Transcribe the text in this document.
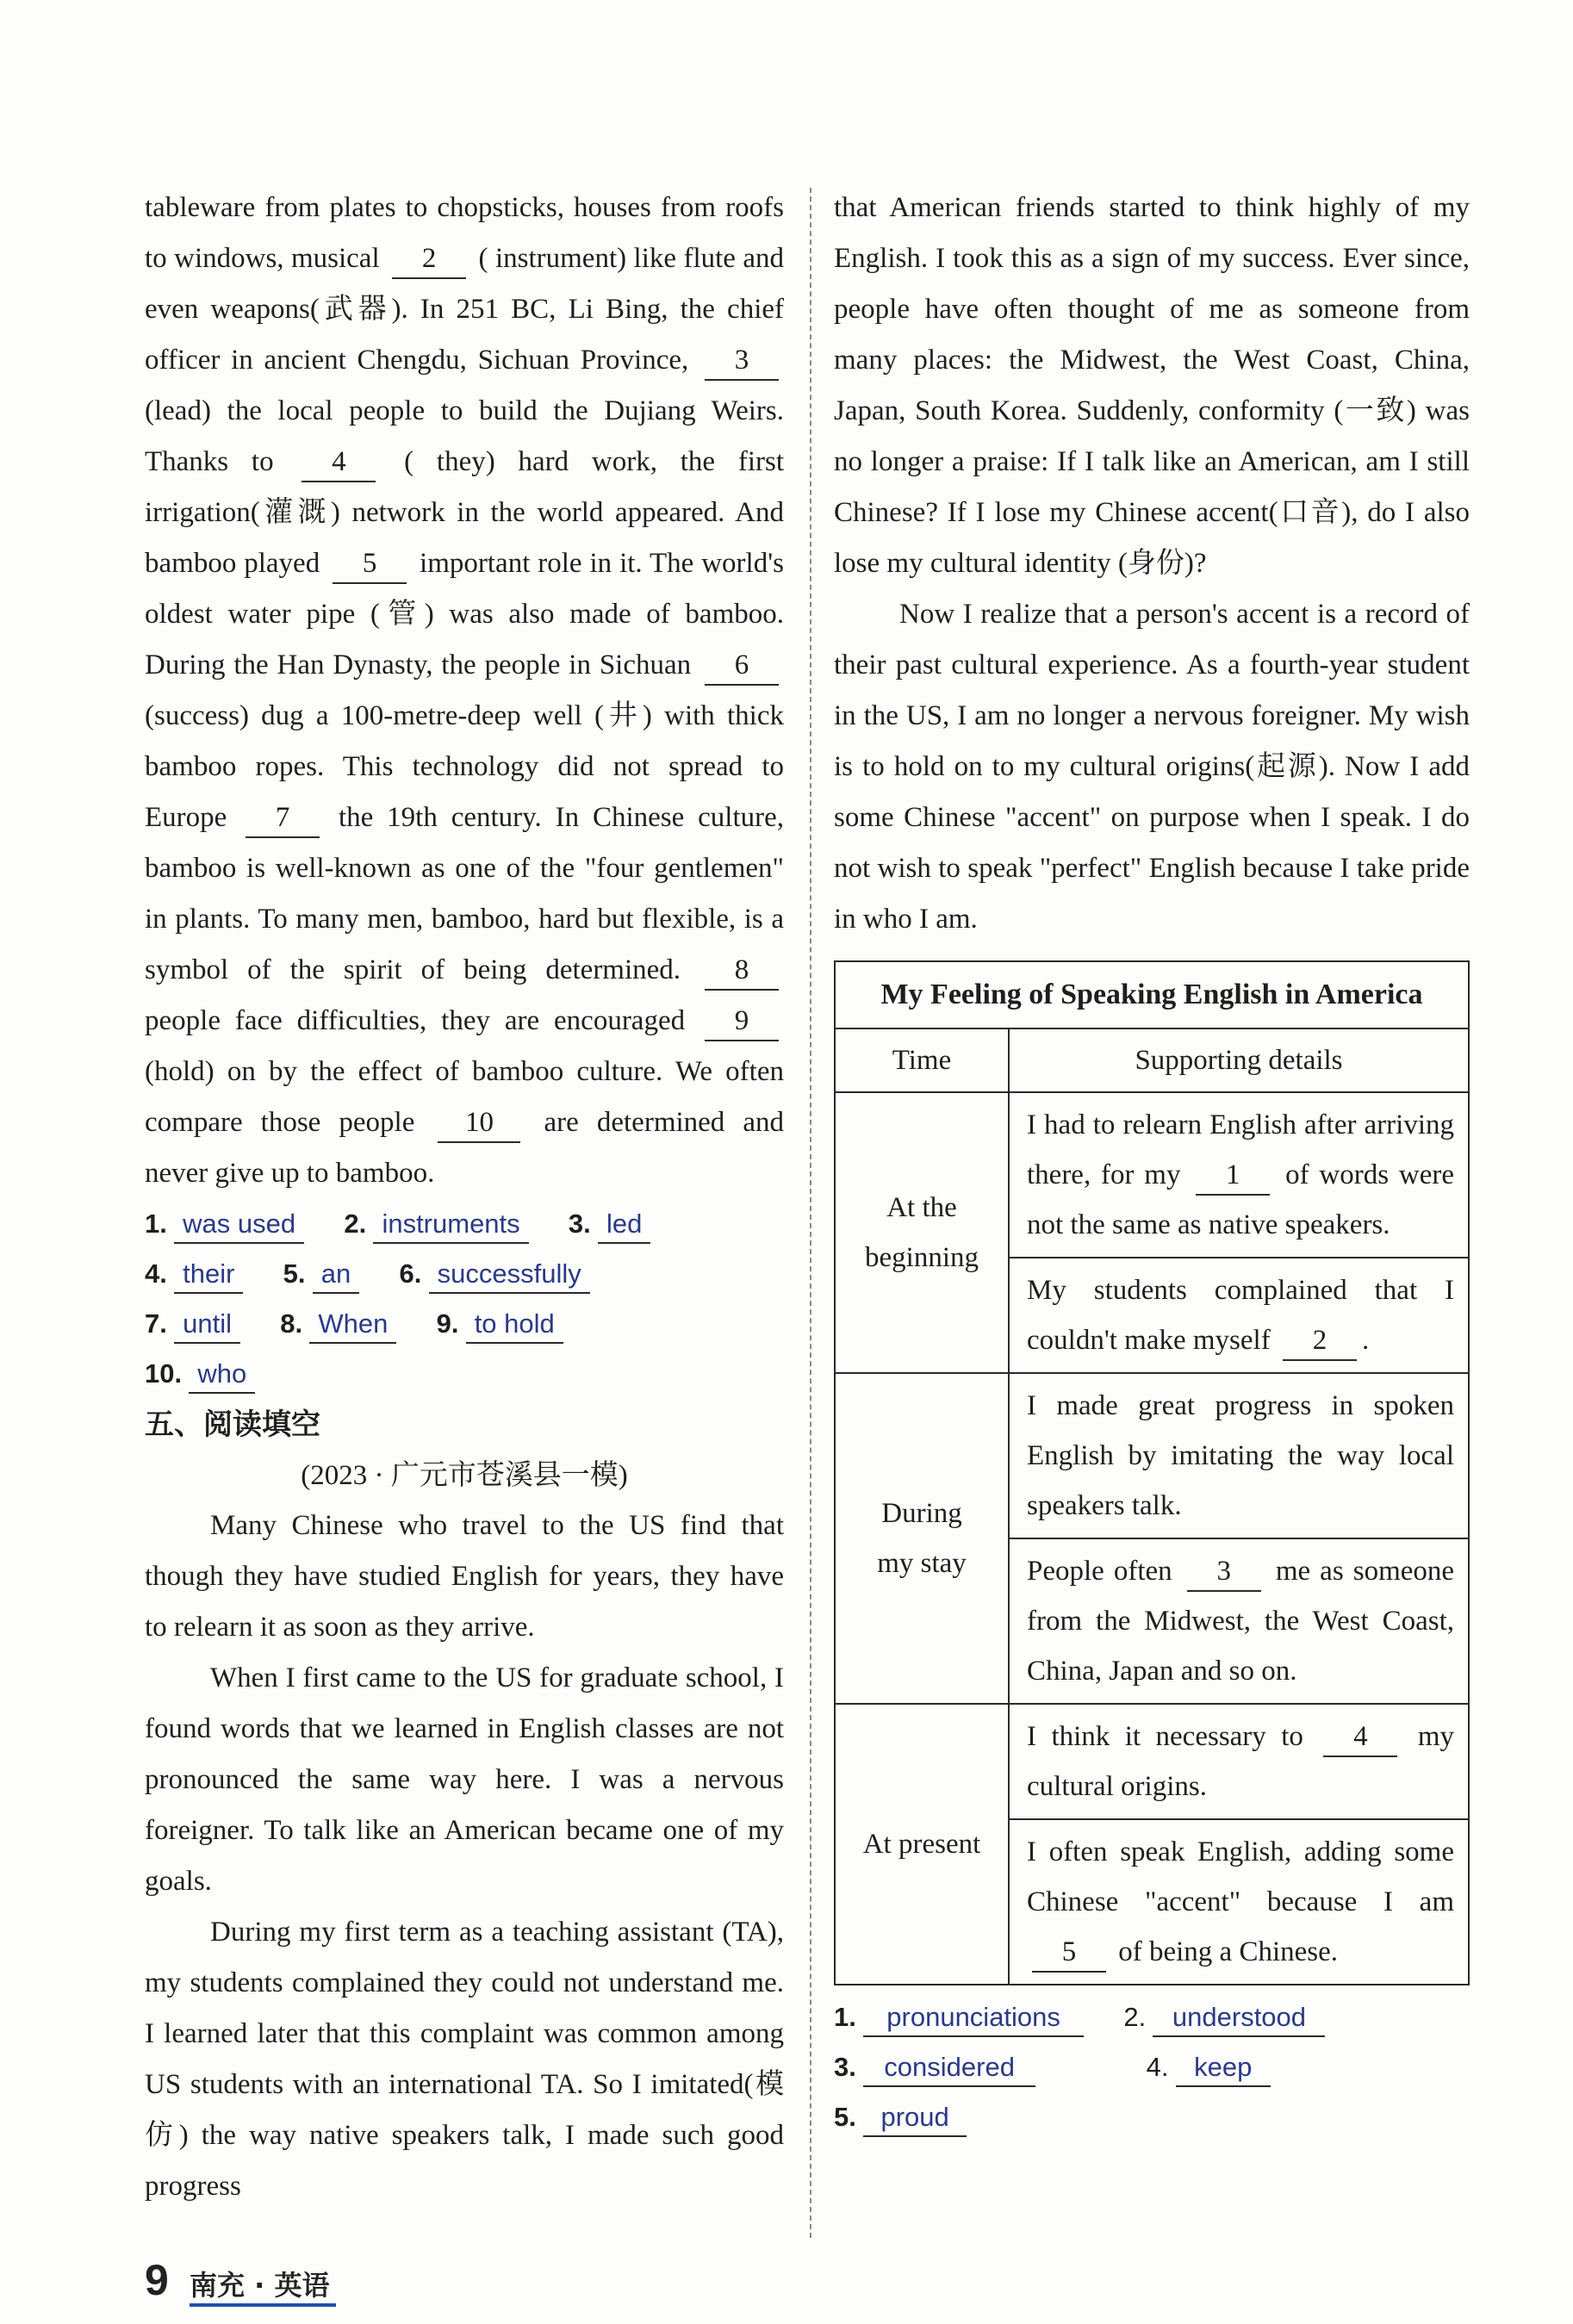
tableware from plates to chopsticks, houses from roofs to windows, musical 2 ( instrument) like flute and even weapons(武器). In 251 BC, Li Bing, the chief officer in ancient Chengdu, Sichuan Province, 3 (lead) the local people to build the Dujiang Weirs. Thanks to 4 ( they) hard work, the first irrigation(灌溉) network in the world appeared. And bamboo played 5 important role in it. The world's oldest water pipe (管) was also made of bamboo. During the Han Dynasty, the people in Sichuan 6 (success) dug a 100-metre-deep well (井) with thick bamboo ropes. This technology did not spread to Europe 7 the 19th century. In Chinese culture, bamboo is well-known as one of the "four gentlemen" in plants. To many men, bamboo, hard but flexible, is a symbol of the spirit of being determined. 8 people face difficulties, they are encouraged 9 (hold) on by the effect of bamboo culture. We often compare those people 10 are determined and never give up to bamboo.

1. was used 2. instruments 3. led
4. their 5. an 6. successfully
7. until 8. When 9. to hold
10. who
五、阅读填空
(2023 · 广元市苍溪县一模)

Many Chinese who travel to the US find that though they have studied English for years, they have to relearn it as soon as they arrive.

When I first came to the US for graduate school, I found words that we learned in English classes are not pronounced the same way here. I was a nervous foreigner. To talk like an American became one of my goals.

During my first term as a teaching assistant (TA), my students complained they could not understand me. I learned later that this complaint was common among US students with an international TA. So I imitated(模仿) the way native speakers talk, I made such good progress

that American friends started to think highly of my English. I took this as a sign of my success. Ever since, people have often thought of me as someone from many places: the Midwest, the West Coast, China, Japan, South Korea. Suddenly, conformity (一致) was no longer a praise: If I talk like an American, am I still Chinese? If I lose my Chinese accent(口音), do I also lose my cultural identity (身份)?

Now I realize that a person's accent is a record of their past cultural experience. As a fourth-year student in the US, I am no longer a nervous foreigner. My wish is to hold on to my cultural origins(起源). Now I add some Chinese "accent" on purpose when I speak. I do not wish to speak "perfect" English because I take pride in who I am.

My Feeling of Speaking English in America	
Time	Supporting details

At the
beginning	I had to relearn English after arriving there, for my 1 of words were not the same as native speakers.
	My students complained that I couldn't make myself 2 .

During
my stay	I made great progress in spoken English by imitating the way local speakers talk.
	People often 3 me as someone from the Midwest, the West Coast, China, Japan and so on.
At present	I think it necessary to 4 my cultural origins.
	I often speak English, adding some Chinese "accent" because I am 5 of being a Chinese.
1. pronunciations 2. understood
3. considered	4. keep
5. proud
9 南充 · 英语
